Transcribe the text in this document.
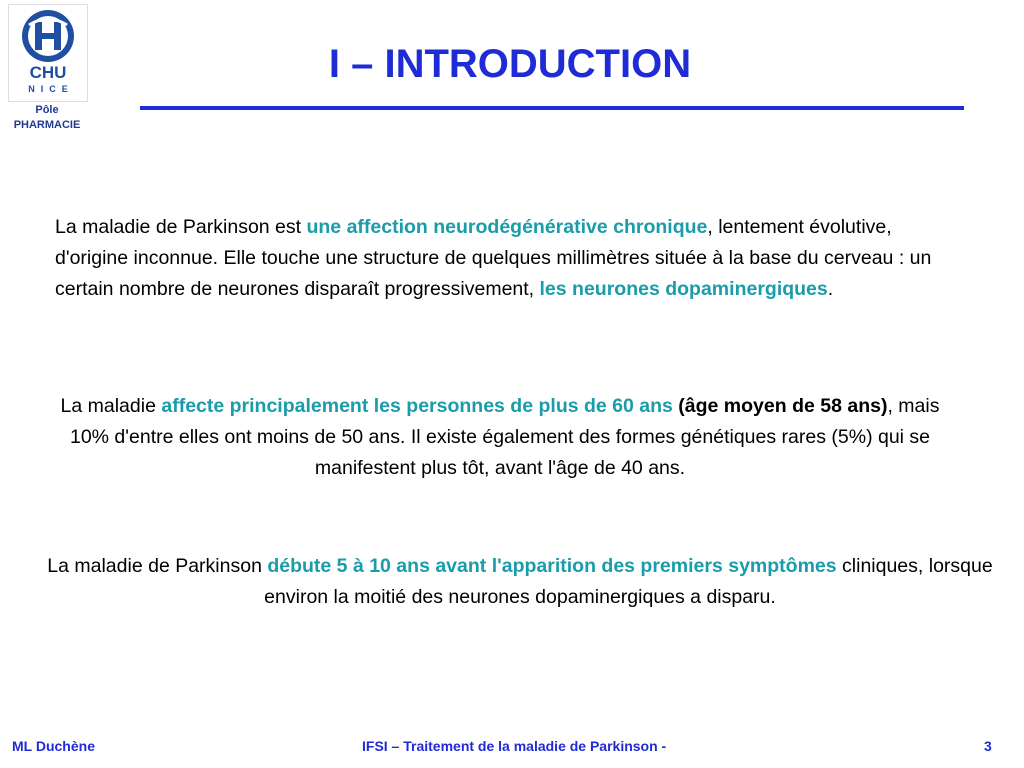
CHU
NICE
Pôle
PHARMACIE
I – INTRODUCTION
La maladie de Parkinson est une affection neurodégénérative chronique, lentement évolutive, d'origine inconnue. Elle touche une structure de quelques millimètres située à la base du cerveau : un certain nombre de neurones disparaît progressivement, les neurones dopaminergiques.
La maladie affecte principalement les personnes de plus de 60 ans (âge moyen de 58 ans), mais 10% d'entre elles ont moins de 50 ans. Il existe également des formes génétiques rares (5%) qui se manifestent plus tôt, avant l'âge de 40 ans.
La maladie de Parkinson débute 5 à 10 ans avant l'apparition des premiers symptômes cliniques, lorsque environ la moitié des neurones dopaminergiques a disparu.
ML Duchène	IFSI – Traitement de la maladie de Parkinson -	3
